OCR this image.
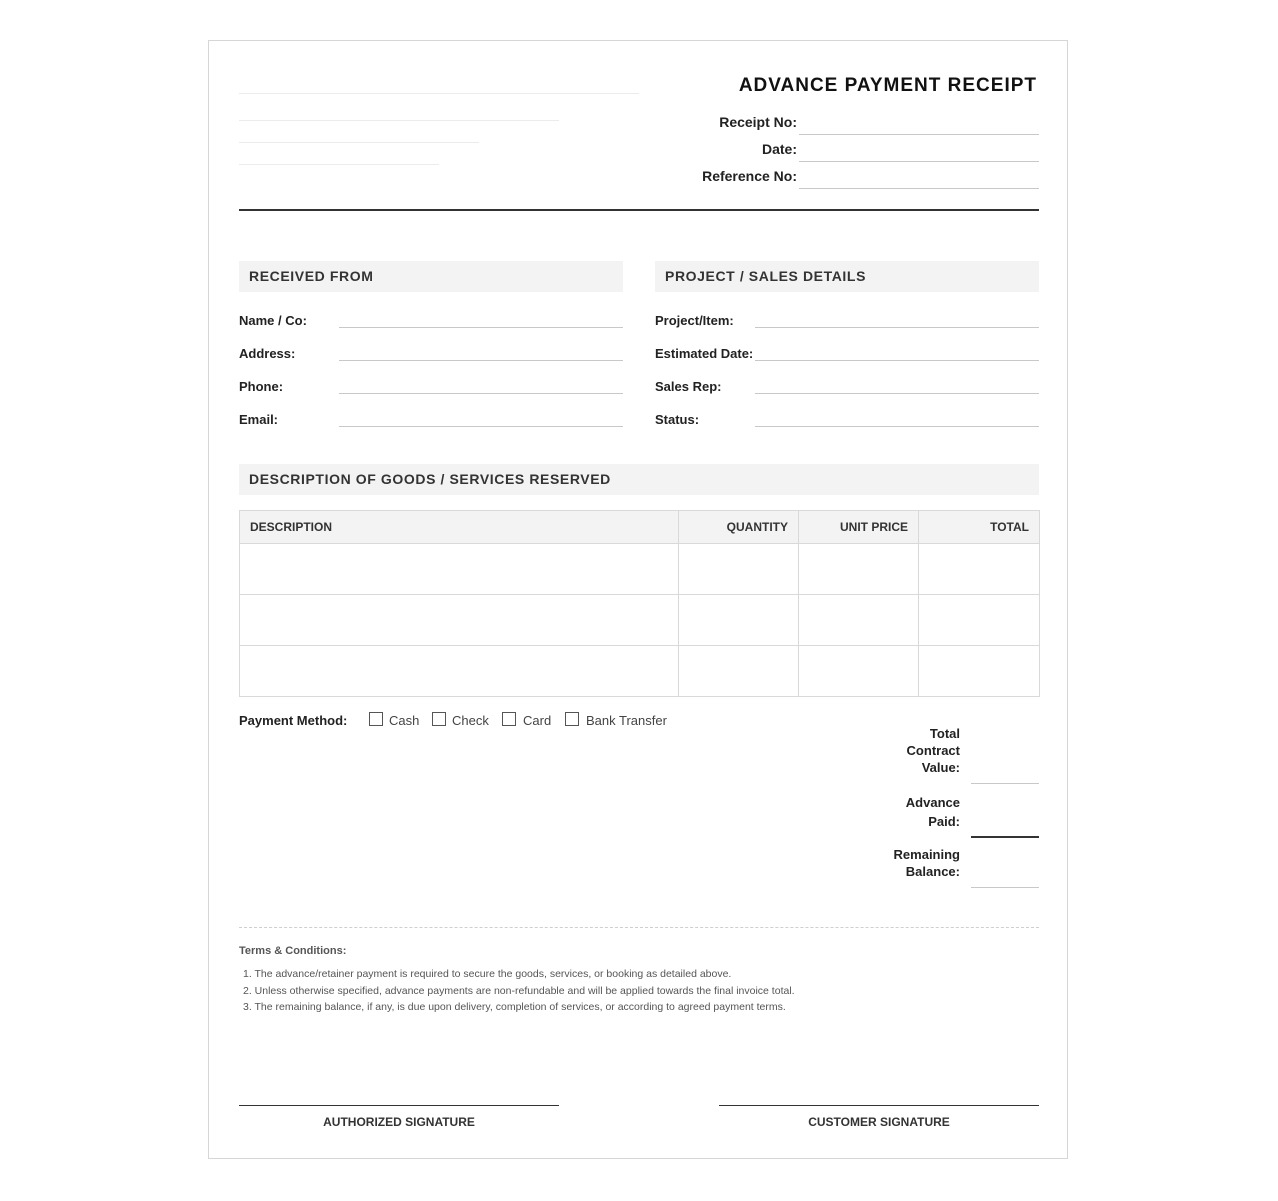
ADVANCE PAYMENT RECEIPT
Receipt No:
Date:
Reference No:
RECEIVED FROM
Name / Co:
Address:
Phone:
Email:
PROJECT / SALES DETAILS
Project/Item:
Estimated Date:
Sales Rep:
Status:
DESCRIPTION OF GOODS / SERVICES RESERVED
DESCRIPTION	QUANTITY	UNIT PRICE	TOTAL

Payment Method:	Cash	Check	Card	Bank Transfer
Total Contract Value:
Advance Paid:
Remaining Balance:
Terms & Conditions:
1. The advance/retainer payment is required to secure the goods, services, or booking as detailed above.
2. Unless otherwise specified, advance payments are non-refundable and will be applied towards the final invoice total.
3. The remaining balance, if any, is due upon delivery, completion of services, or according to agreed payment terms.
AUTHORIZED SIGNATURE	CUSTOMER SIGNATURE
